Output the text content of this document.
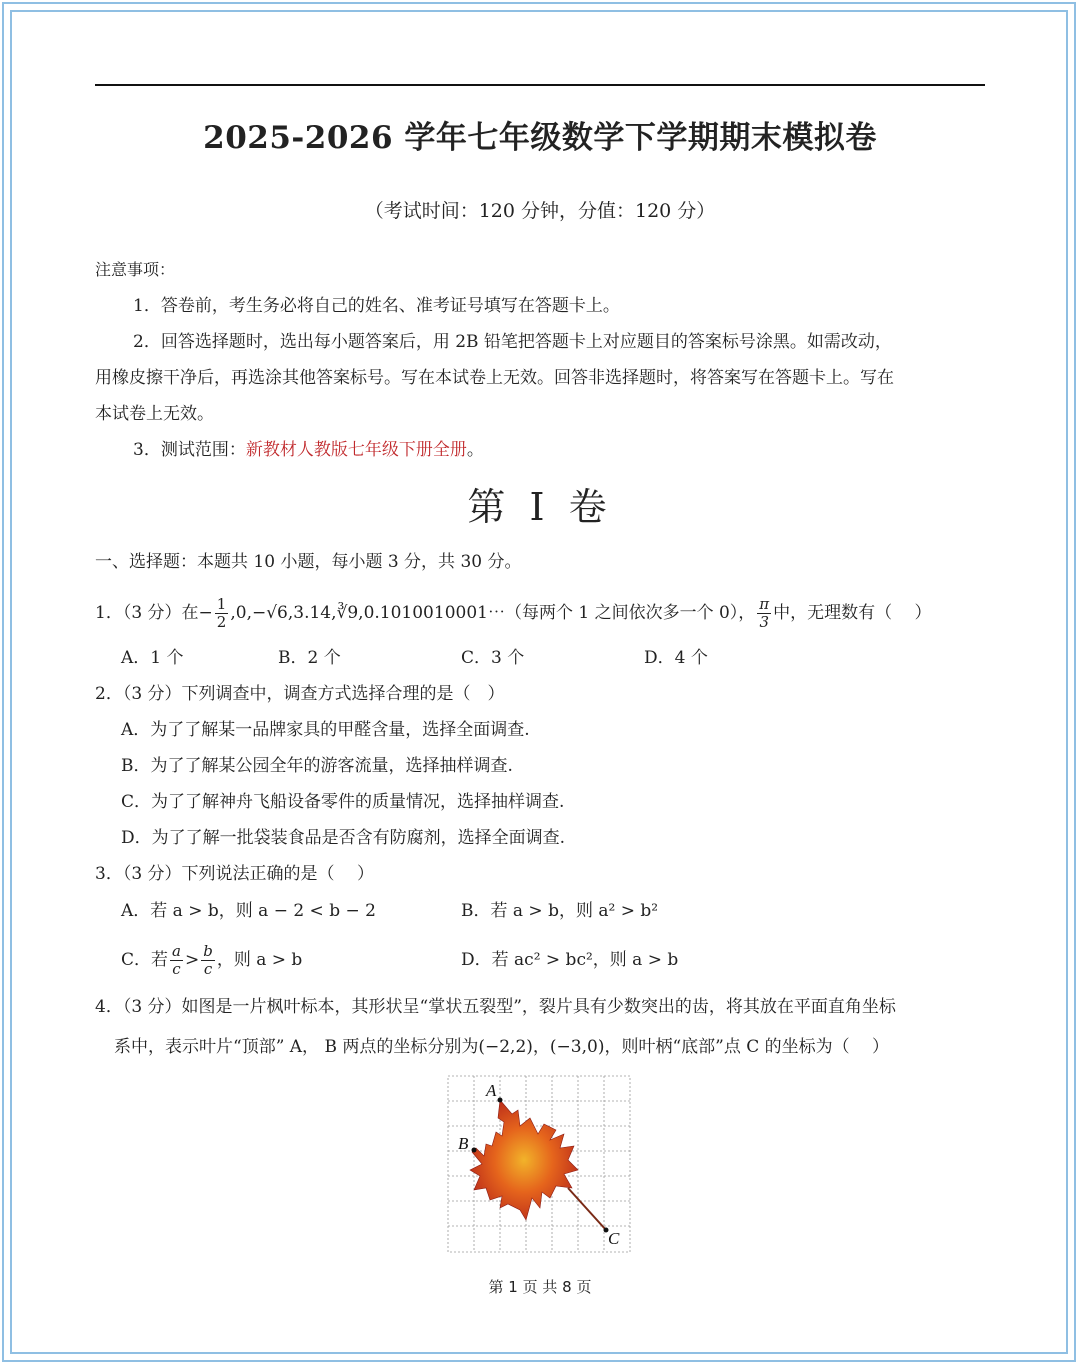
2025-2026 学年七年级数学下学期期末模拟卷
（考试时间：120 分钟，分值：120 分）
注意事项：
1．答卷前，考生务必将自己的姓名、准考证号填写在答题卡上。
2．回答选择题时，选出每小题答案后，用 2B 铅笔把答题卡上对应题目的答案标号涂黑。如需改动，
用橡皮擦干净后，再选涂其他答案标号。写在本试卷上无效。回答非选择题时，将答案写在答题卡上。写在
本试卷上无效。
3．测试范围：新教材人教版七年级下册全册。
第 I 卷
一、选择题：本题共 10 小题，每小题 3 分，共 30 分。
1．（3 分）在− $\frac{1}{2}$ ,0,−√6,3.14,∛9,0.1010010001⋯（每两个 1 之间依次多一个 0）， $\frac{\pi}{3}$ 中，无理数有（　 ）
A．1 个	B．2 个	C．3 个	D．4 个
2．（3 分）下列调查中，调查方式选择合理的是（　）
A．为了了解某一品牌家具的甲醛含量，选择全面调查.
B．为了了解某公园全年的游客流量，选择抽样调查.
C．为了了解神舟飞船设备零件的质量情况，选择抽样调查.
D．为了了解一批袋装食品是否含有防腐剂，选择全面调查.
3．（3 分）下列说法正确的是（　 ）
A．若 a > b，则 a − 2 < b − 2	B．若 a > b，则 a² > b²
C．若 $\frac{a}{c} > \frac{b}{c}$ ，则 a > b	D．若 ac² > bc²，则 a > b
4．（3 分）如图是一片枫叶标本，其形状呈“掌状五裂型”，裂片具有少数突出的齿，将其放在平面直角坐标
系中，表示叶片“顶部” A， B 两点的坐标分别为(−2,2)，(−3,0)，则叶柄“底部”点 C 的坐标为（　 ）
A
B
C
第 1 页 共 8 页
